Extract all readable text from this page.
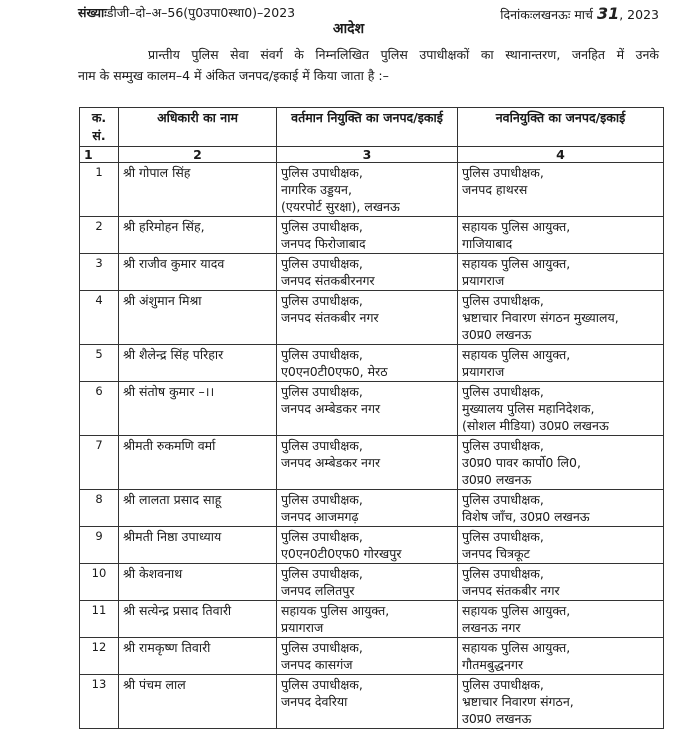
संख्याःडीजी–दो–अ–56(पु0उपा0स्था0)–2023	दिनांकःलखनऊः मार्च 31, 2023
आदेश
प्रान्तीय पुलिस सेवा संवर्ग के निम्नलिखित पुलिस उपाधीक्षकों का स्थानान्तरण, जनहित में उनके
नाम के सम्मुख कालम–4 में अंकित जनपद/इकाई में किया जाता है :–
क. सं.	अधिकारी का नाम	वर्तमान नियुक्ति का जनपद/इकाई	नवनियुक्ति का जनपद/इकाई
1	2	3	4
1	श्री गोपाल सिंह	पुलिस उपाधीक्षक,
नागरिक उड्डयन,
(एयरपोर्ट सुरक्षा), लखनऊ	पुलिस उपाधीक्षक,
जनपद हाथरस

2	श्री हरिमोहन सिंह,	पुलिस उपाधीक्षक,
जनपद फिरोजाबाद	सहायक पुलिस आयुक्त,
गाजियाबाद

3	श्री राजीव कुमार यादव	पुलिस उपाधीक्षक,
जनपद संतकबीरनगर	सहायक पुलिस आयुक्त,
प्रयागराज

4	श्री अंशुमान मिश्रा	पुलिस उपाधीक्षक,
जनपद संतकबीर नगर	पुलिस उपाधीक्षक,
भ्रष्टाचार निवारण संगठन मुख्यालय,
उ0प्र0 लखनऊ

5	श्री शैलेन्द्र सिंह परिहार	पुलिस उपाधीक्षक,
ए0एन0टी0एफ0, मेरठ	सहायक पुलिस आयुक्त,
प्रयागराज

6	श्री संतोष कुमार –।।	पुलिस उपाधीक्षक,
जनपद अम्बेडकर नगर	पुलिस उपाधीक्षक,
मुख्यालय पुलिस महानिदेशक,
(सोशल मीडिया) उ0प्र0 लखनऊ

7	श्रीमती रुकमणि वर्मा	पुलिस उपाधीक्षक,
जनपद अम्बेडकर नगर	पुलिस उपाधीक्षक,
उ0प्र0 पावर कार्पो0 लि0,
उ0प्र0 लखनऊ

8	श्री लालता प्रसाद साहू	पुलिस उपाधीक्षक,
जनपद आजमगढ़	पुलिस उपाधीक्षक,
विशेष जाँच, उ0प्र0 लखनऊ

9	श्रीमती निष्ठा उपाध्याय	पुलिस उपाधीक्षक,
ए0एन0टी0एफ0 गोरखपुर	पुलिस उपाधीक्षक,
जनपद चित्रकूट

10	श्री केशवनाथ	पुलिस उपाधीक्षक,
जनपद ललितपुर	पुलिस उपाधीक्षक,
जनपद संतकबीर नगर

11	श्री सत्येन्द्र प्रसाद तिवारी	सहायक पुलिस आयुक्त,
प्रयागराज	सहायक पुलिस आयुक्त,
लखनऊ नगर

12	श्री रामकृष्ण तिवारी	पुलिस उपाधीक्षक,
जनपद कासगंज	सहायक पुलिस आयुक्त,
गौतमबुद्धनगर

13	श्री पंचम लाल	पुलिस उपाधीक्षक,
जनपद देवरिया	पुलिस उपाधीक्षक,
भ्रष्टाचार निवारण संगठन,
उ0प्र0 लखनऊ
